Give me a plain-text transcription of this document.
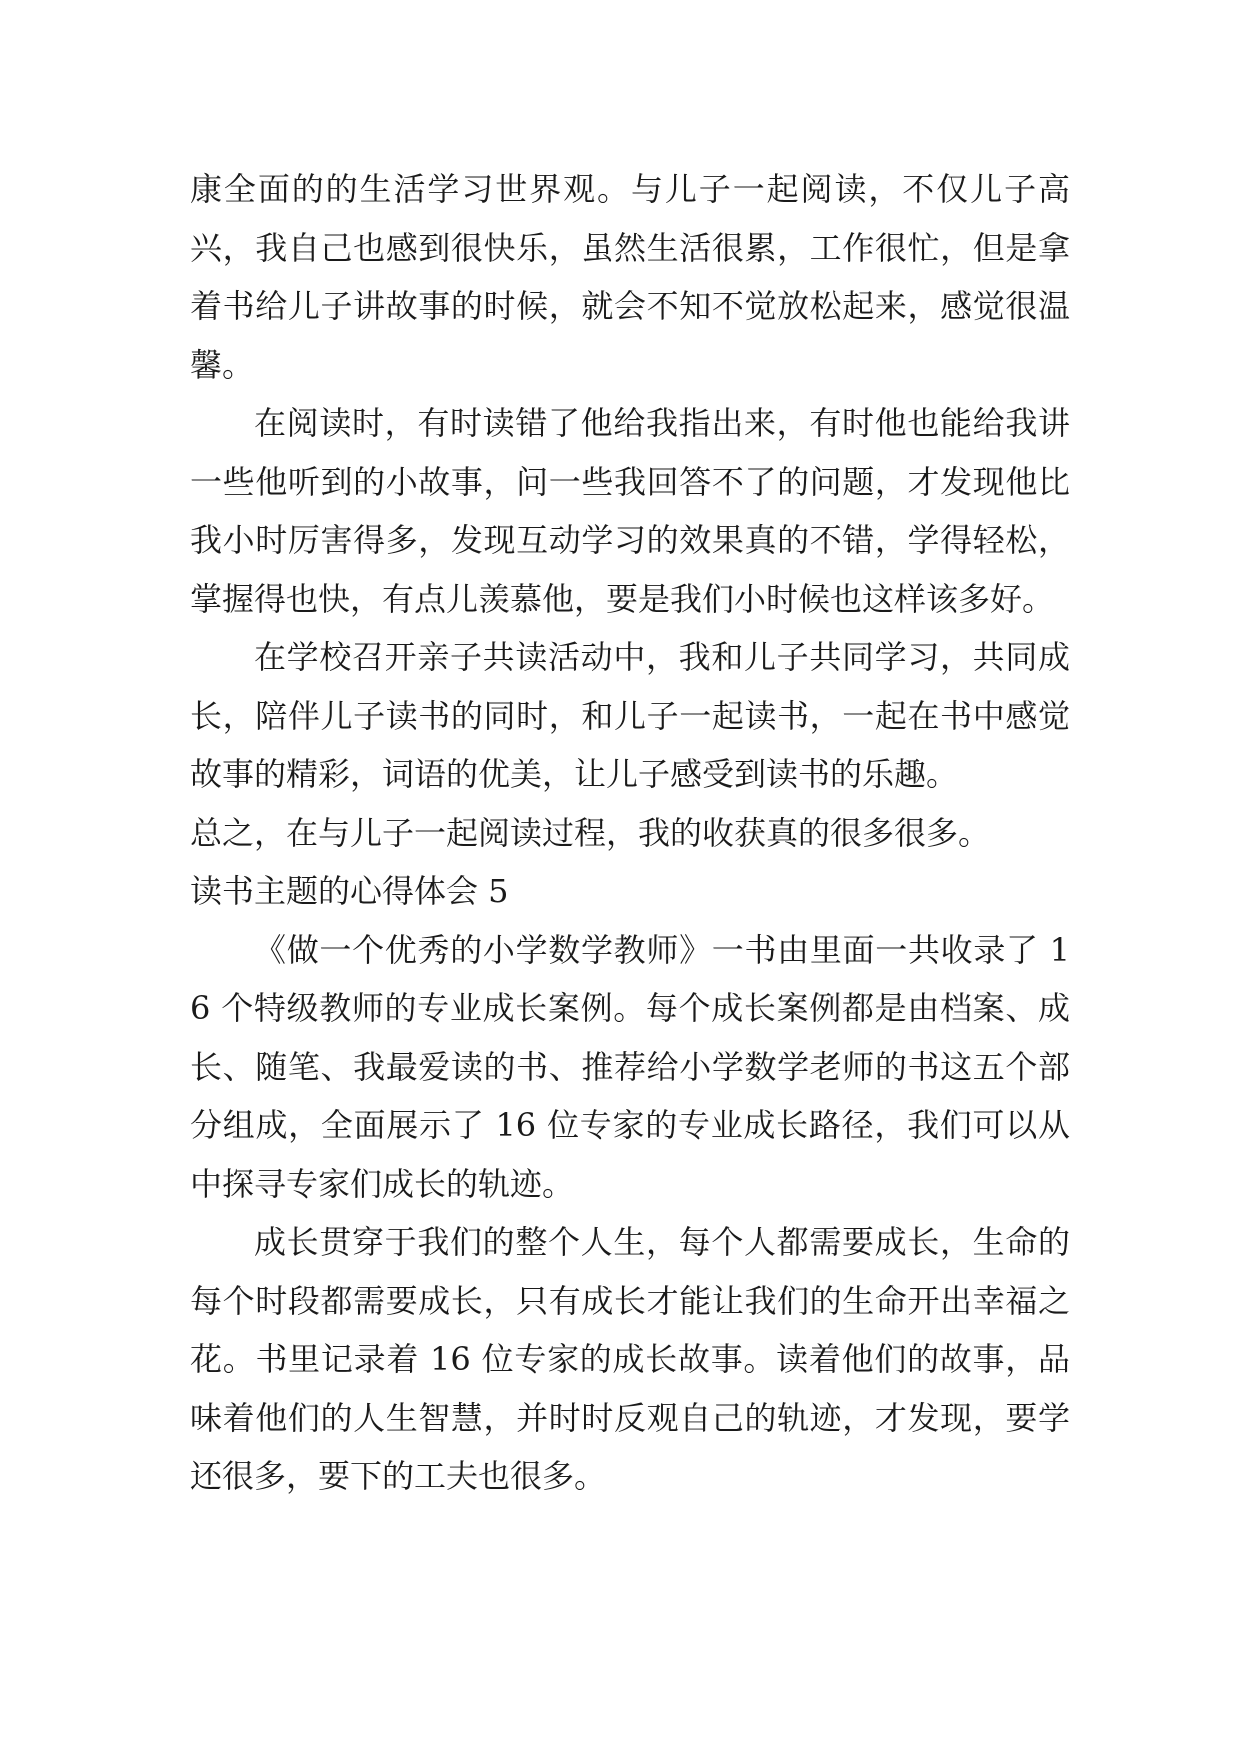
康全面的的生活学习世界观。与儿子一起阅读，不仅儿子高兴，我自己也感到很快乐，虽然生活很累，工作很忙，但是拿着书给儿子讲故事的时候，就会不知不觉放松起来，感觉很温馨。

在阅读时，有时读错了他给我指出来，有时他也能给我讲一些他听到的小故事，问一些我回答不了的问题，才发现他比我小时厉害得多，发现互动学习的效果真的不错，学得轻松，掌握得也快，有点儿羡慕他，要是我们小时候也这样该多好。

在学校召开亲子共读活动中，我和儿子共同学习，共同成长，陪伴儿子读书的同时，和儿子一起读书，一起在书中感觉故事的精彩，词语的优美，让儿子感受到读书的乐趣。

总之，在与儿子一起阅读过程，我的收获真的很多很多。

读书主题的心得体会 5

《做一个优秀的小学数学教师》一书由里面一共收录了 16 个特级教师的专业成长案例。每个成长案例都是由档案、成长、随笔、我最爱读的书、推荐给小学数学老师的书这五个部分组成，全面展示了 16 位专家的专业成长路径，我们可以从中探寻专家们成长的轨迹。

成长贯穿于我们的整个人生，每个人都需要成长，生命的每个时段都需要成长，只有成长才能让我们的生命开出幸福之花。书里记录着 16 位专家的成长故事。读着他们的故事，品味着他们的人生智慧，并时时反观自己的轨迹，才发现，要学还很多，要下的工夫也很多。
